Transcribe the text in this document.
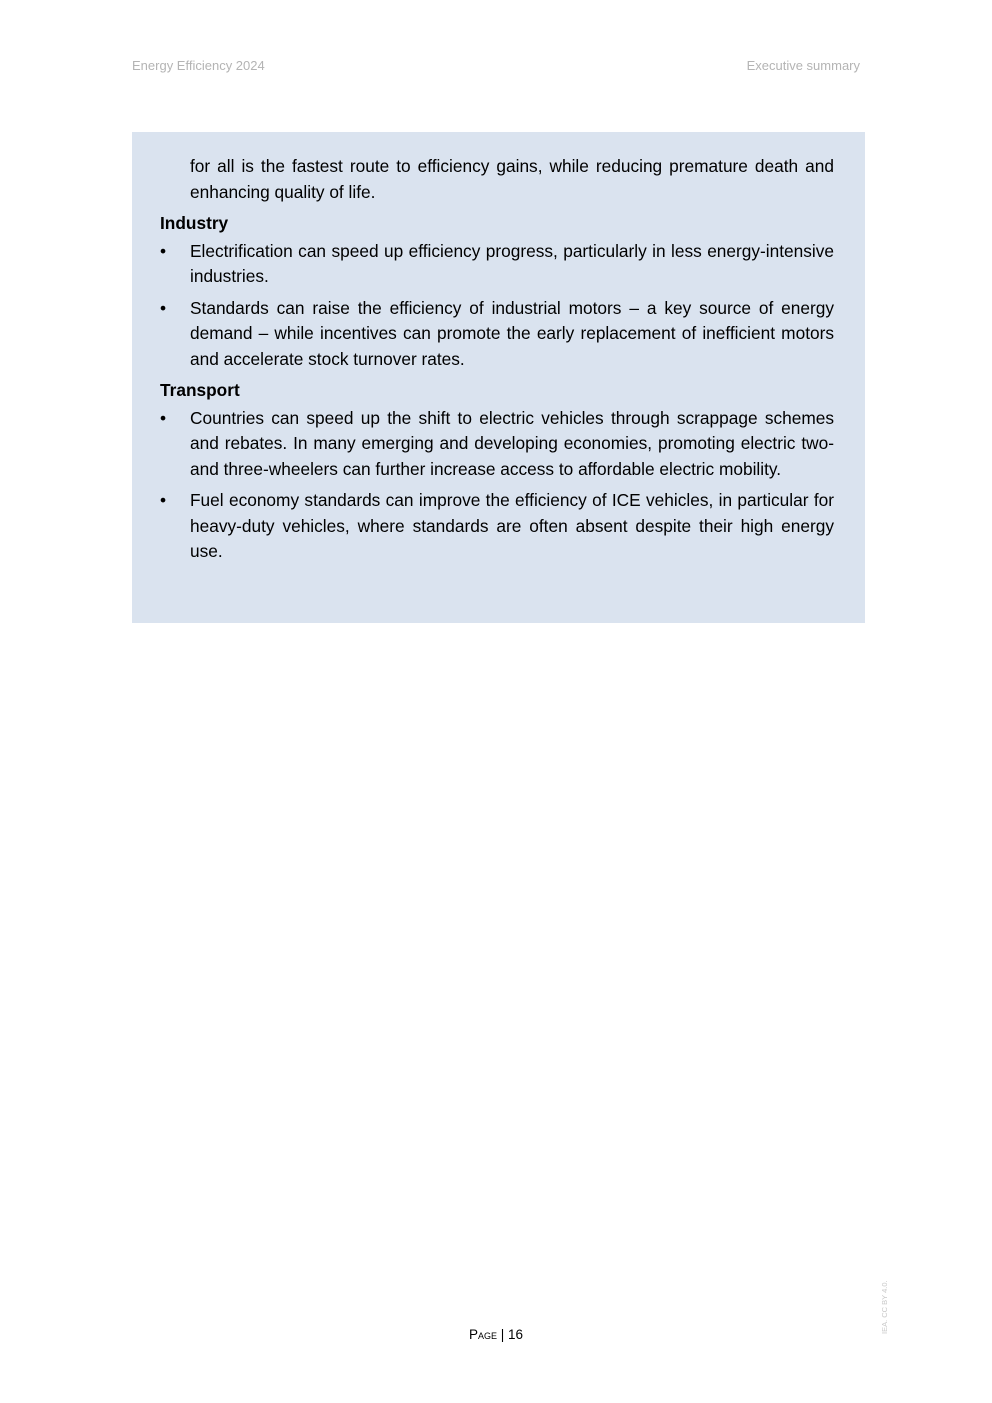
Energy Efficiency 2024	Executive summary
for all is the fastest route to efficiency gains, while reducing premature death and enhancing quality of life.
Industry
• Electrification can speed up efficiency progress, particularly in less energy-intensive industries.
• Standards can raise the efficiency of industrial motors – a key source of energy demand – while incentives can promote the early replacement of inefficient motors and accelerate stock turnover rates.
Transport
• Countries can speed up the shift to electric vehicles through scrappage schemes and rebates. In many emerging and developing economies, promoting electric two- and three-wheelers can further increase access to affordable electric mobility.
• Fuel economy standards can improve the efficiency of ICE vehicles, in particular for heavy-duty vehicles, where standards are often absent despite their high energy use.
Page | 16
IEA. CC BY 4.0.
